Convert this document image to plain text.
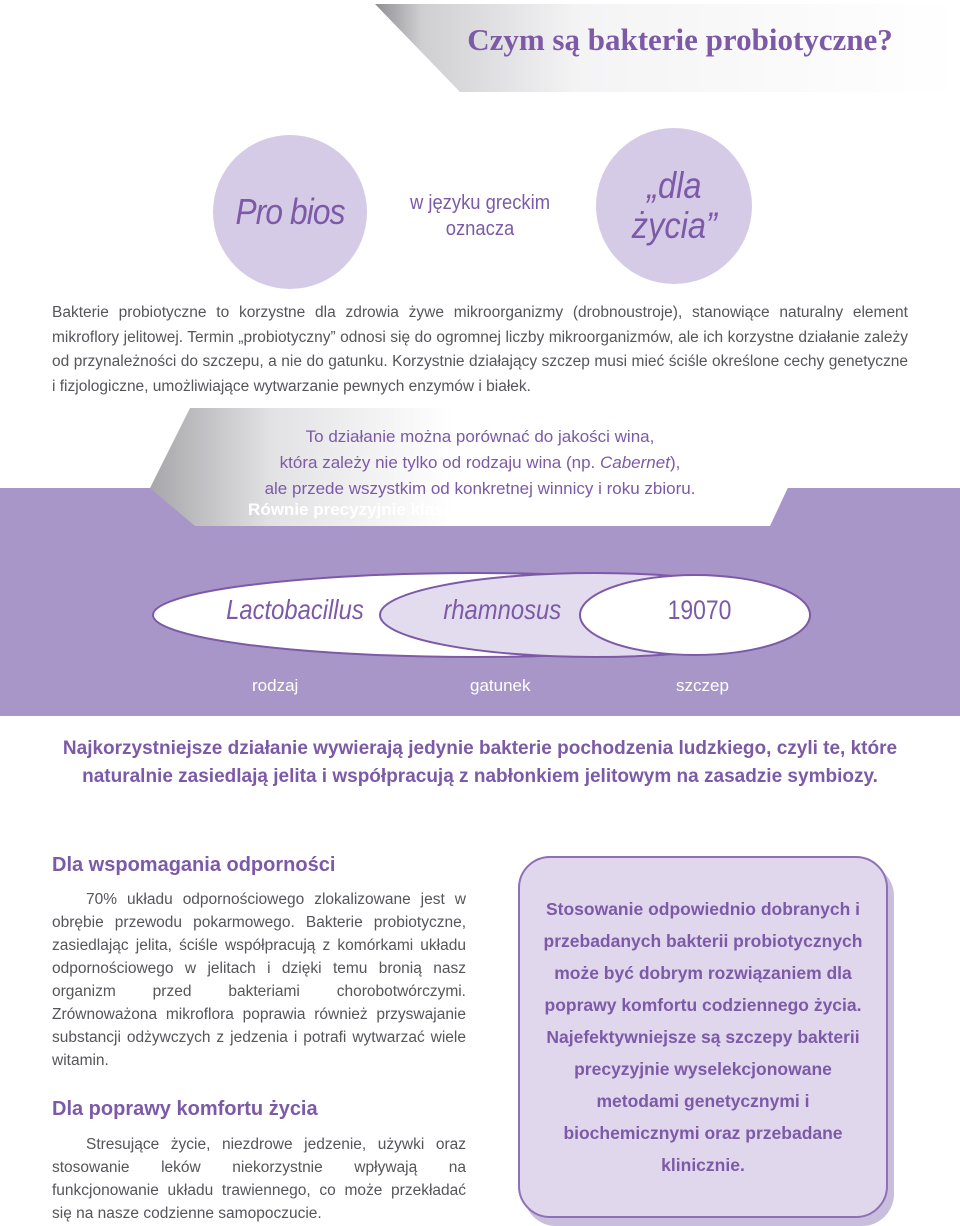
Czym są bakterie probiotyczne?
Pro bios	w języku greckim
oznacza
„dla
życia”

Bakterie probiotyczne to korzystne dla zdrowia żywe mikroorganizmy (drobnoustroje), stanowiące naturalny element mikroflory jelitowej. Termin „probiotyczny” odnosi się do ogromnej liczby mikroorganizmów, ale ich korzystne działanie zależy od przynależności do szczepu, a nie do gatunku. Korzystnie działający szczep musi mieć ściśle określone cechy genetyczne i fizjologiczne, umożliwiające wytwarzanie pewnych enzymów i białek.

To działanie można porównać do jakości wina,

która zależy nie tylko od rodzaju wina (np. Cabernet),

ale przede wszystkim od konkretnej winnicy i roku zbioru.

Równie precyzyjnie klasyfikuje się bakterie probiotyczne:
Lactobacillus	rhamnosus	19070
rodzaj	gatunek	szczep

Najkorzystniejsze działanie wywierają jedynie bakterie pochodzenia ludzkiego, czyli te, które naturalnie zasiedlają jelita i współpracują z nabłonkiem jelitowym na zasadzie symbiozy.

Dla wspomagania odporności

70% układu odpornościowego zlokalizowane jest w obrębie przewodu pokarmowego. Bakterie probiotyczne, zasiedlając jelita, ściśle współpracują z komórkami układu odpornościowego w jelitach i dzięki temu bronią nasz organizm przed bakteriami chorobotwórczymi. Zrównoważona mikroflora poprawia również przyswajanie substancji odżywczych z jedzenia i potrafi wytwarzać wiele witamin.

Dla poprawy komfortu życia

Stresujące życie, niezdrowe jedzenie, używki oraz stosowanie leków niekorzystnie wpływają na funkcjonowanie układu trawiennego, co może przekładać się na nasze codzienne samopoczucie.

Stosowanie odpowiednio dobranych i przebadanych bakterii probiotycznych może być dobrym rozwiązaniem dla poprawy komfortu codziennego życia. Najefektywniejsze są szczepy bakterii precyzyjnie wyselekcjonowane metodami genetycznymi i biochemicznymi oraz przebadane klinicznie.
